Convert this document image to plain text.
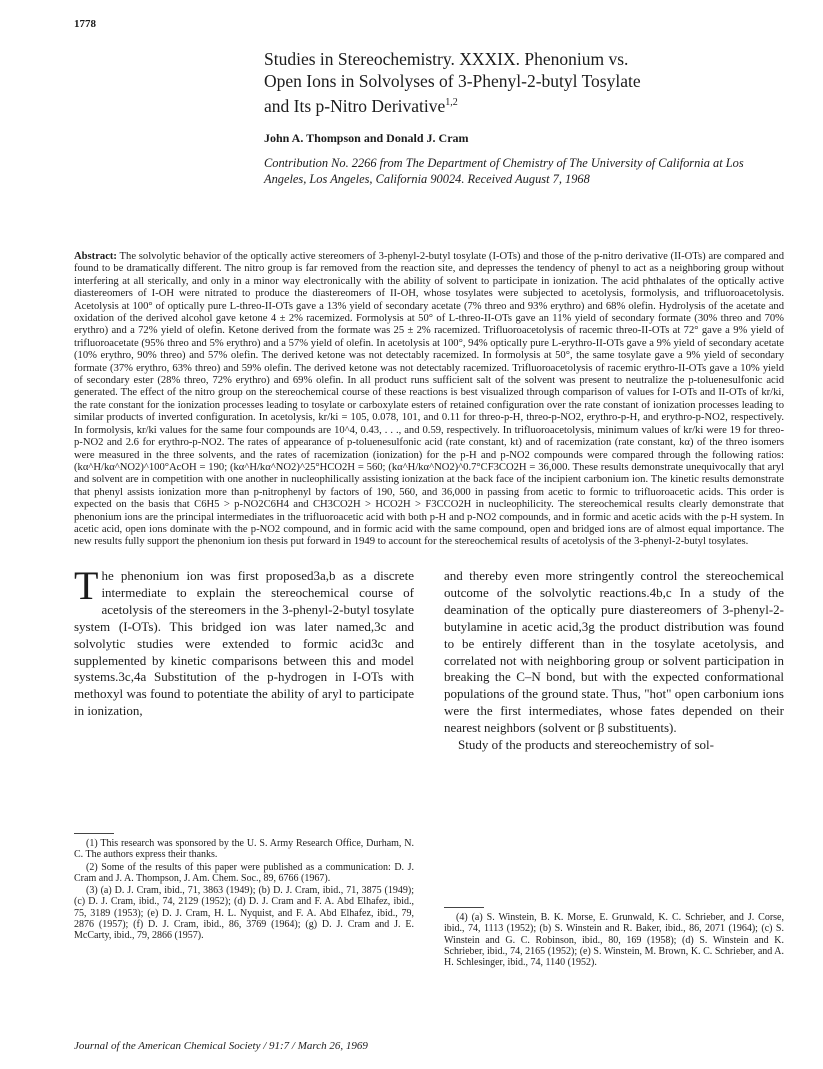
1778
Studies in Stereochemistry. XXXIX. Phenonium vs.
Open Ions in Solvolyses of 3-Phenyl-2-butyl Tosylate
and Its p-Nitro Derivative$^{1,2}$
John A. Thompson and Donald J. Cram
Contribution No. 2266 from The Department of Chemistry of The University of California at Los Angeles, Los Angeles, California 90024. Received August 7, 1968

Abstract: The solvolytic behavior of the optically active stereomers of 3-phenyl-2-butyl tosylate (I-OTs) and those of the p-nitro derivative (II-OTs) are compared and found to be dramatically different. The nitro group is far removed from the reaction site, and depresses the tendency of phenyl to act as a neighboring group without interfering at all sterically, and only in a minor way electronically with the ability of solvent to participate in ionization. The acid phthalates of the optically active diastereomers of I-OH were nitrated to produce the diastereomers of II-OH, whose tosylates were subjected to acetolysis, formolysis, and trifluoroacetolysis. Acetolysis at 100° of optically pure L-threo-II-OTs gave a 13% yield of secondary acetate (7% threo and 93% erythro) and 68% olefin. Hydrolysis of the acetate and oxidation of the derived alcohol gave ketone 4 ± 2% racemized. Formolysis at 50° of L-threo-II-OTs gave an 11% yield of secondary formate (30% threo and 70% erythro) and a 72% yield of olefin. Ketone derived from the formate was 25 ± 2% racemized. Trifluoroacetolysis of racemic threo-II-OTs at 72° gave a 9% yield of trifluoroacetate (95% threo and 5% erythro) and a 57% yield of olefin. In acetolysis at 100°, 94% optically pure L-erythro-II-OTs gave a 9% yield of secondary acetate (10% erythro, 90% threo) and 57% olefin. The derived ketone was not detectably racemized. In formolysis at 50°, the same tosylate gave a 9% yield of secondary formate (37% erythro, 63% threo) and 59% olefin. The derived ketone was not detectably racemized. Trifluoroacetolysis of racemic erythro-II-OTs gave a 10% yield of secondary ester (28% threo, 72% erythro) and 69% olefin. In all product runs sufficient salt of the solvent was present to neutralize the p-toluenesulfonic acid generated. The effect of the nitro group on the stereochemical course of these reactions is best visualized through comparison of values for I-OTs and II-OTs of kr/ki, the rate constant for the ionization processes leading to tosylate or carboxylate esters of retained configuration over the rate constant of ionization processes leading to similar products of inverted configuration. In acetolysis, kr/ki = 105, 0.078, 101, and 0.11 for threo-p-H, threo-p-NO2, erythro-p-H, and erythro-p-NO2, respectively. In formolysis, kr/ki values for the same four compounds are 10^4, 0.43, . . ., and 0.59, respectively. In trifluoroacetolysis, minimum values of kr/ki were 19 for threo-p-NO2 and 2.6 for erythro-p-NO2. The rates of appearance of p-toluenesulfonic acid (rate constant, kt) and of racemization (rate constant, kα) of the threo isomers were measured in the three solvents, and the rates of racemization (ionization) for the p-H and p-NO2 compounds were compared through the following ratios: (kα^H/kα^NO2)^100°AcOH = 190; (kα^H/kα^NO2)^25°HCO2H = 560; (kα^H/kα^NO2)^0.7°CF3CO2H = 36,000. These results demonstrate unequivocally that aryl and solvent are in competition with one another in nucleophilically assisting ionization at the back face of the incipient carbonium ion. The kinetic results demonstrate that phenyl assists ionization more than p-nitrophenyl by factors of 190, 560, and 36,000 in passing from acetic to formic to trifluoroacetic acids. This order is expected on the basis that C6H5 > p-NO2C6H4 and CH3CO2H > HCO2H > F3CCO2H in nucleophilicity. The stereochemical results clearly demonstrate that phenonium ions are the principal intermediates in the trifluoroacetic acid with both p-H and p-NO2 compounds, and in formic and acetic acids with the p-H system. In acetic acid, open ions dominate with the p-NO2 compound, and in formic acid with the same compound, open and bridged ions are of almost equal importance. The new results fully support the phenonium ion thesis put forward in 1949 to account for the stereochemical results of acetolysis of the 3-phenyl-2-butyl tosylates.

The phenonium ion was first proposed3a,b as a discrete intermediate to explain the stereochemical course of acetolysis of the stereomers in the 3-phenyl-2-butyl tosylate system (I-OTs). This bridged ion was later named,3c and solvolytic studies were extended to formic acid3c and supplemented by kinetic comparisons between this and model systems.3c,4a Substitution of the p-hydrogen in I-OTs with methoxyl was found to potentiate the ability of aryl to participate in ionization,

and thereby even more stringently control the stereochemical outcome of the solvolytic reactions.4b,c In a study of the deamination of the optically pure diastereomers of 3-phenyl-2-butylamine in acetic acid,3g the product distribution was found to be entirely different than in the tosylate acetolysis, and correlated not with neighboring group or solvent participation in breaking the C–N bond, but with the expected conformational populations of the ground state. Thus, "hot" open carbonium ions were the first intermediates, whose fates depended on their nearest neighbors (solvent or β substituents).

Study of the products and stereochemistry of sol-

(1) This research was sponsored by the U. S. Army Research Office, Durham, N. C. The authors express their thanks.

(2) Some of the results of this paper were published as a communication: D. J. Cram and J. A. Thompson, J. Am. Chem. Soc., 89, 6766 (1967).

(3) (a) D. J. Cram, ibid., 71, 3863 (1949); (b) D. J. Cram, ibid., 71, 3875 (1949); (c) D. J. Cram, ibid., 74, 2129 (1952); (d) D. J. Cram and F. A. Abd Elhafez, ibid., 75, 3189 (1953); (e) D. J. Cram, H. L. Nyquist, and F. A. Abd Elhafez, ibid., 79, 2876 (1957); (f) D. J. Cram, ibid., 86, 3769 (1964); (g) D. J. Cram and J. E. McCarty, ibid., 79, 2866 (1957).

(4) (a) S. Winstein, B. K. Morse, E. Grunwald, K. C. Schrieber, and J. Corse, ibid., 74, 1113 (1952); (b) S. Winstein and R. Baker, ibid., 86, 2071 (1964); (c) S. Winstein and G. C. Robinson, ibid., 80, 169 (1958); (d) S. Winstein and K. Schrieber, ibid., 74, 2165 (1952); (e) S. Winstein, M. Brown, K. C. Schrieber, and A. H. Schlesinger, ibid., 74, 1140 (1952).

Journal of the American Chemical Society / 91:7 / March 26, 1969
